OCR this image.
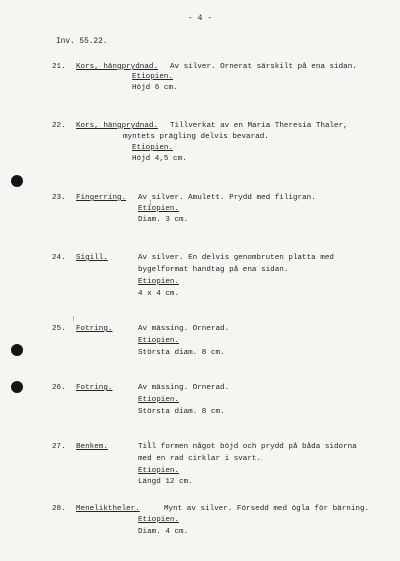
- 4 -
Inv. 55.22.
21. Kors, hängprydnad. Av silver. Ornerat särskilt på ena sidan.
Etiopien.
Höjd 6 cm.
22. Kors, hängprydnad. Tillverkat av en Maria Theresia Thaler,
myntets prägling delvis bevarad.
Etiopien.
Höjd 4,5 cm.
23. Fingerring. Av silver. Amulett. Prydd med filigran.
Etiopien.
Diam. 3 cm.
24. Sigill.	Av silver. En delvis genombruten platta med
bygelformat handtag på ena sidan.
Etiopien.
4 x 4 cm.
25. Fotring.	Av mässing. Ornerad.
Etiopien.
Största diam. 8 cm.
26. Fotring.	Av mässing. Ornerad.
Etiopien.
Största diam. 8 cm.
27. Benkem.	Till formen något böjd och prydd på båda sidorna
med en rad cirklar i svart.
Etiopien.
Längd 12 cm.
28. Meneliktheler.	Mynt av silver. Försedd med ögla för bärning.
Etiopien.
Diam. 4 cm.
